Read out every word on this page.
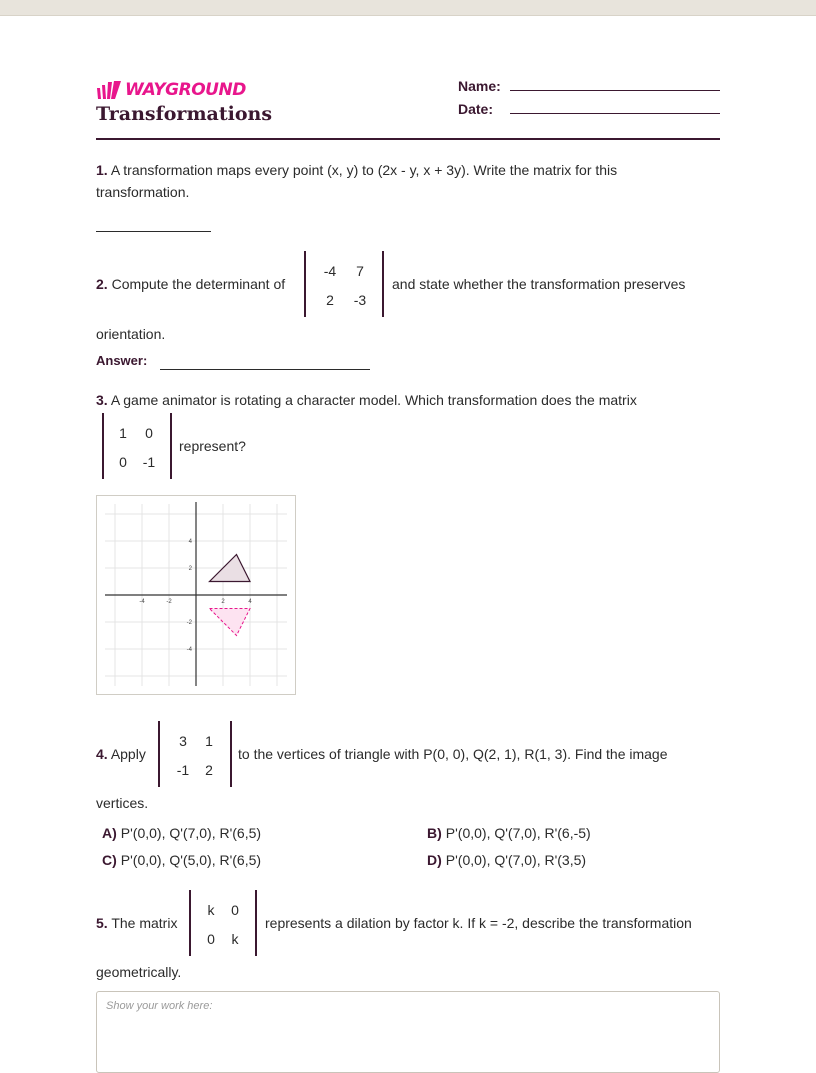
WAYGROUND
Transformations
Name:
Date:
1. A transformation maps every point (x, y) to (2x - y, x + 3y). Write the matrix for this
transformation.
2. Compute the determinant of
-4	7
2	-3
and state whether the transformation preserves
orientation.
Answer:
3. A game animator is rotating a character model. Which transformation does the matrix
1	0
0	-1
represent?
-4	-2	2	4
4
2
-2
-4
4. Apply
3	1
-1	2
to the vertices of triangle with P(0, 0), Q(2, 1), R(1, 3). Find the image
vertices.
A) P'(0,0), Q'(7,0), R'(6,5)	B) P'(0,0), Q'(7,0), R'(6,-5)
C) P'(0,0), Q'(5,0), R'(6,5)	D) P'(0,0), Q'(7,0), R'(3,5)
5. The matrix
k	0
0	k
represents a dilation by factor k. If k = -2, describe the transformation
geometrically.
Show your work here:
